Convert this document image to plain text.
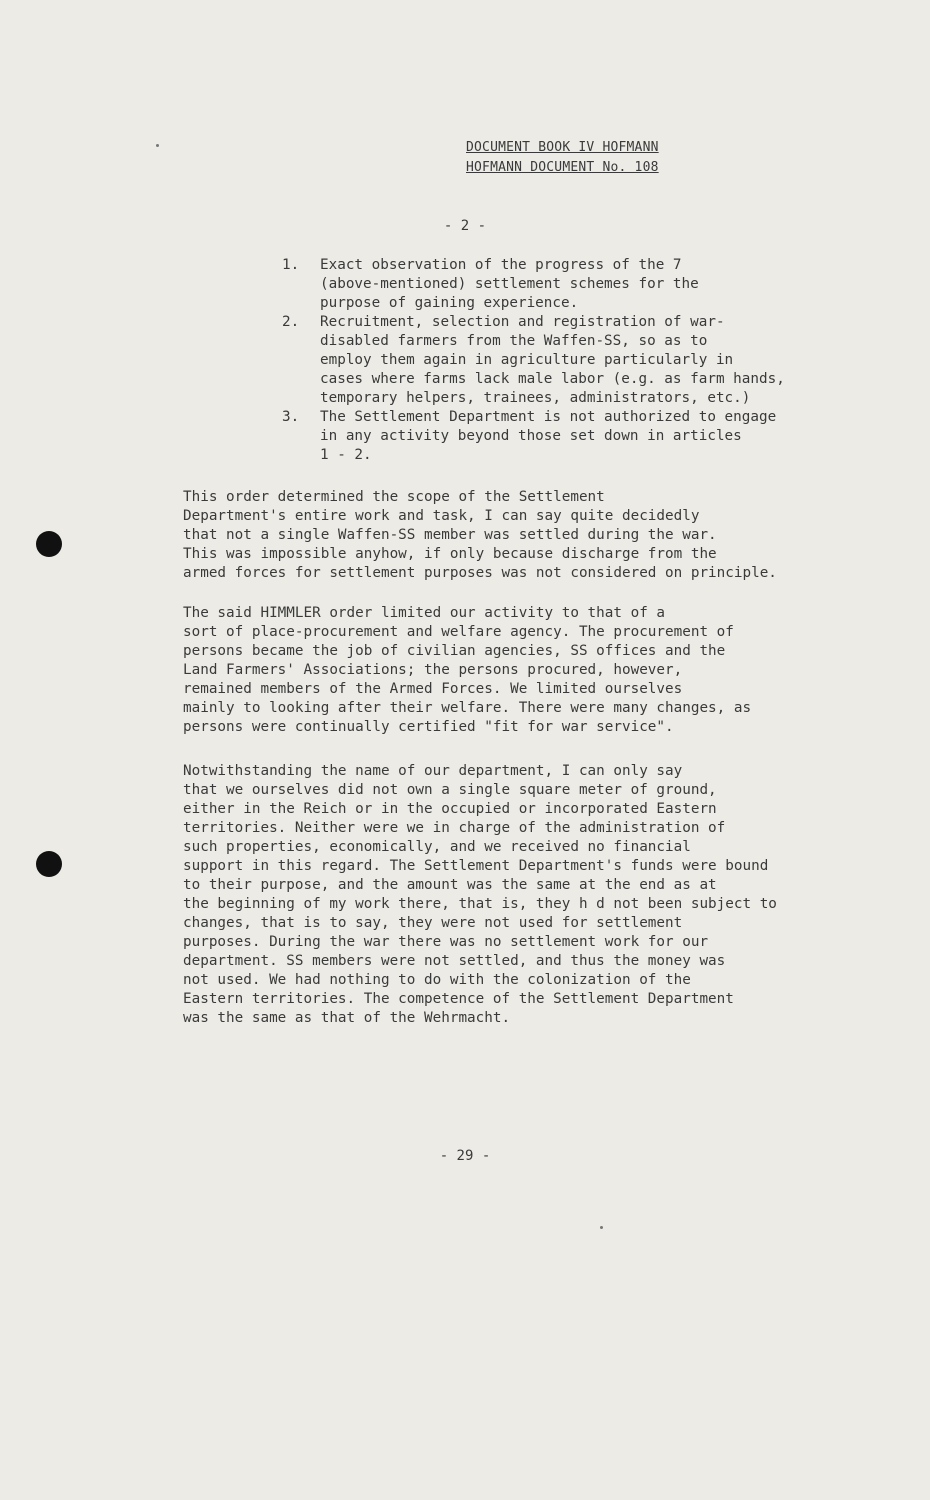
DOCUMENT BOOK IV HOFMANN
HOFMANN DOCUMENT No. 108
- 2 -
1.	Exact observation of the progress of the 7
(above-mentioned) settlement schemes for the
purpose of gaining experience.
2.	Recruitment, selection and registration of war-
disabled farmers from the Waffen-SS, so as to
employ them again in agriculture particularly in
cases where farms lack male labor (e.g. as farm hands,
temporary helpers, trainees, administrators, etc.)
3.	The Settlement Department is not authorized to engage
in any activity beyond those set down in articles
1 - 2.
This order determined the scope of the Settlement
Department's entire work and task, I can say quite decidedly
that not a single Waffen-SS member was settled during the war.
This was impossible anyhow, if only because discharge from the
armed forces for settlement purposes was not considered on principle.
The said HIMMLER order limited our activity to that of a
sort of place-procurement and welfare agency. The procurement of
persons became the job of civilian agencies, SS offices and the
Land Farmers' Associations; the persons procured, however,
remained members of the Armed Forces. We limited ourselves
mainly to looking after their welfare. There were many changes, as
persons were continually certified "fit for war service".
Notwithstanding the name of our department, I can only say
that we ourselves did not own a single square meter of ground,
either in the Reich or in the occupied or incorporated Eastern
territories. Neither were we in charge of the administration of
such properties, economically, and we received no financial
support in this regard. The Settlement Department's funds were bound
to their purpose, and the amount was the same at the end as at
the beginning of my work there, that is, they h d not been subject to
changes, that is to say, they were not used for settlement
purposes. During the war there was no settlement work for our
department. SS members were not settled, and thus the money was
not used. We had nothing to do with the colonization of the
Eastern territories. The competence of the Settlement Department
was the same as that of the Wehrmacht.
- 29 -
